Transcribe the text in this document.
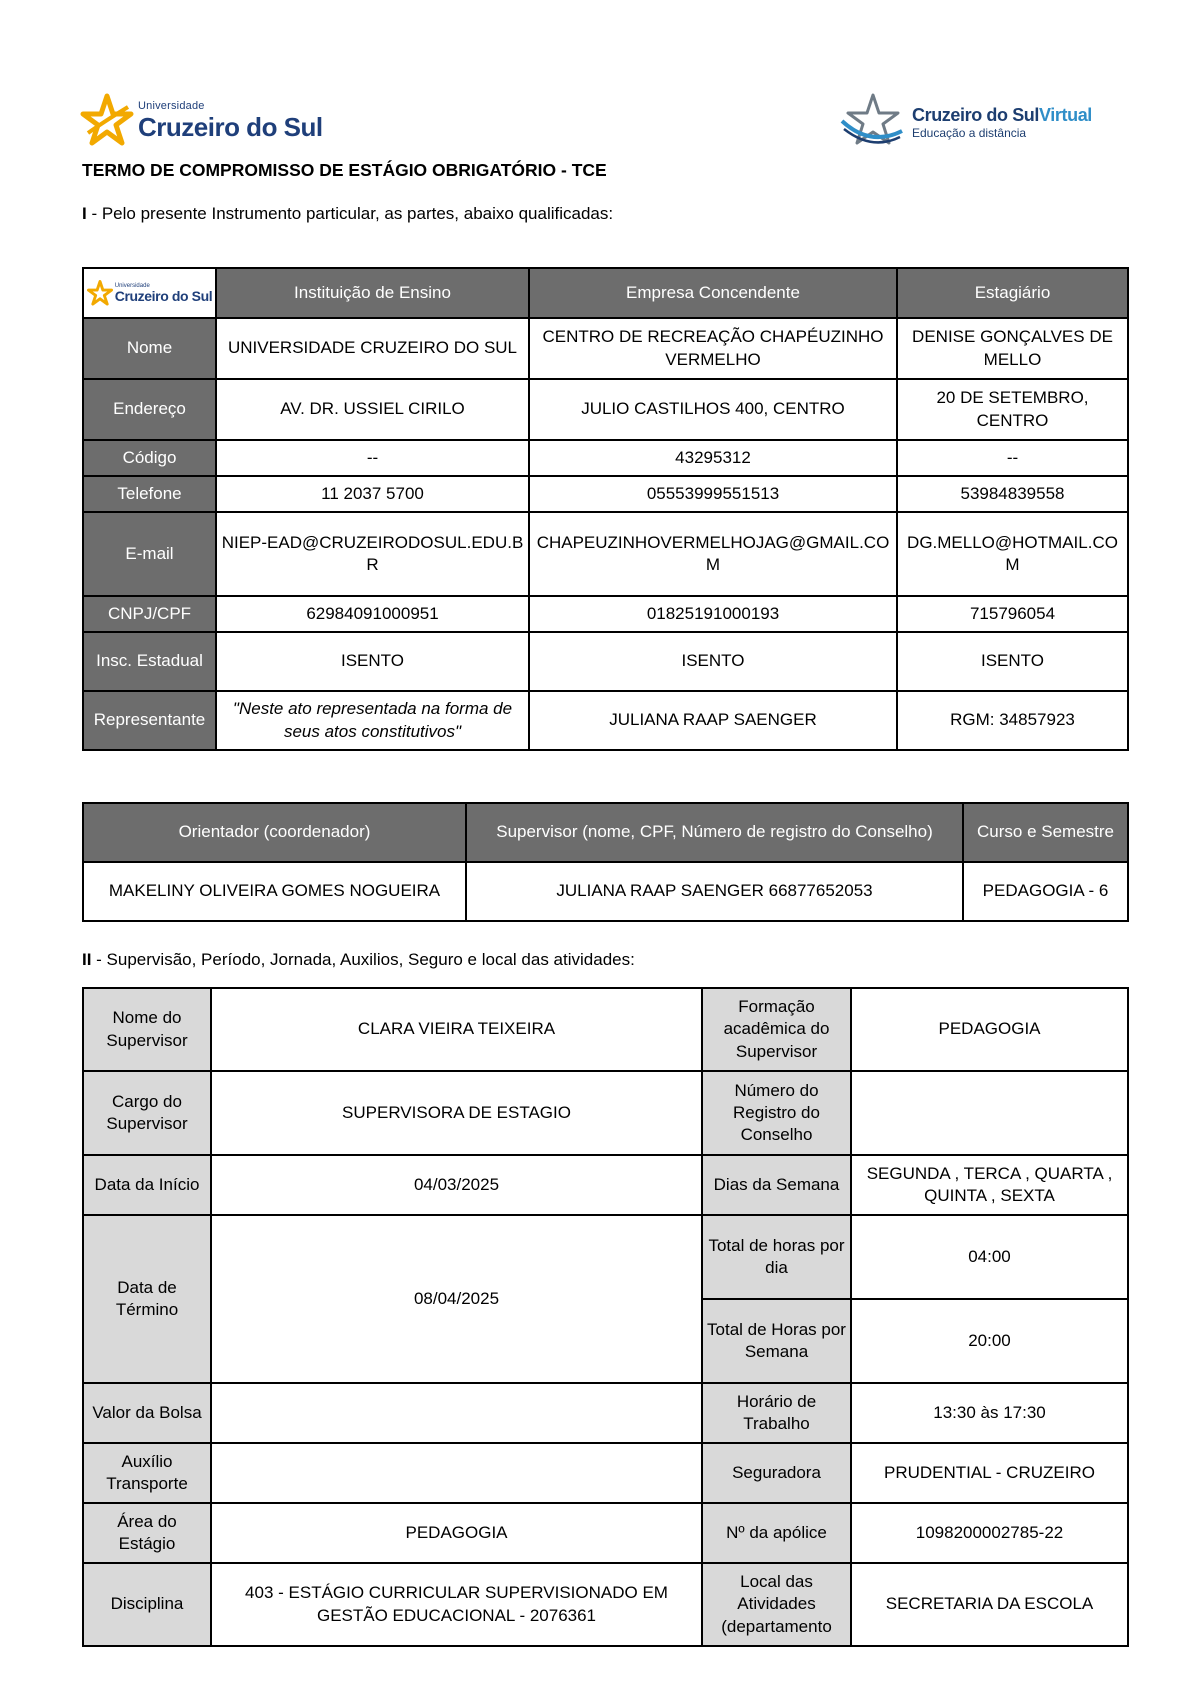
Universidade
Cruzeiro do Sul	Cruzeiro do SulVirtual
Educação a distância
TERMO DE COMPROMISSO DE ESTÁGIO OBRIGATÓRIO - TCE
I - Pelo presente Instrumento particular, as partes, abaixo qualificadas:
Universidade
Cruzeiro do Sul	Instituição de Ensino	Empresa Concendente	Estagiário
Nome	UNIVERSIDADE CRUZEIRO DO SUL	CENTRO DE RECREAÇÃO CHAPÉUZINHO VERMELHO	DENISE GONÇALVES DE MELLO
Endereço	AV. DR. USSIEL CIRILO	JULIO CASTILHOS 400, CENTRO	20 DE SETEMBRO, CENTRO
Código	--	43295312	--
Telefone	11 2037 5700	05553999551513	53984839558
E-mail	NIEP-EAD@CRUZEIRODOSUL.EDU.BR	CHAPEUZINHOVERMELHOJAG@GMAIL.COM	DG.MELLO@HOTMAIL.COM
CNPJ/CPF	62984091000951	01825191000193	715796054
Insc. Estadual	ISENTO	ISENTO	ISENTO
Representante	"Neste ato representada na forma de seus atos constitutivos"	JULIANA RAAP SAENGER	RGM: 34857923
Orientador (coordenador)	Supervisor (nome, CPF, Número de registro do Conselho)	Curso e Semestre
MAKELINY OLIVEIRA GOMES NOGUEIRA	JULIANA RAAP SAENGER 66877652053	PEDAGOGIA - 6
II - Supervisão, Período, Jornada, Auxilios, Seguro e local das atividades:
Nome do Supervisor	CLARA VIEIRA TEIXEIRA	Formação acadêmica do Supervisor	PEDAGOGIA
Cargo do Supervisor	SUPERVISORA DE ESTAGIO	Número do Registro do Conselho	
Data da Início	04/03/2025	Dias da Semana	SEGUNDA , TERCA , QUARTA , QUINTA , SEXTA
Data de Término	08/04/2025	Total de horas por dia	04:00
		Total de Horas por Semana	20:00
Valor da Bolsa		Horário de Trabalho	13:30 às 17:30
Auxílio Transporte		Seguradora	PRUDENTIAL - CRUZEIRO
Área do Estágio	PEDAGOGIA	Nº da apólice	1098200002785-22
Disciplina	403 - ESTÁGIO CURRICULAR SUPERVISIONADO EM GESTÃO EDUCACIONAL - 2076361	Local das Atividades (departamento	SECRETARIA DA ESCOLA
